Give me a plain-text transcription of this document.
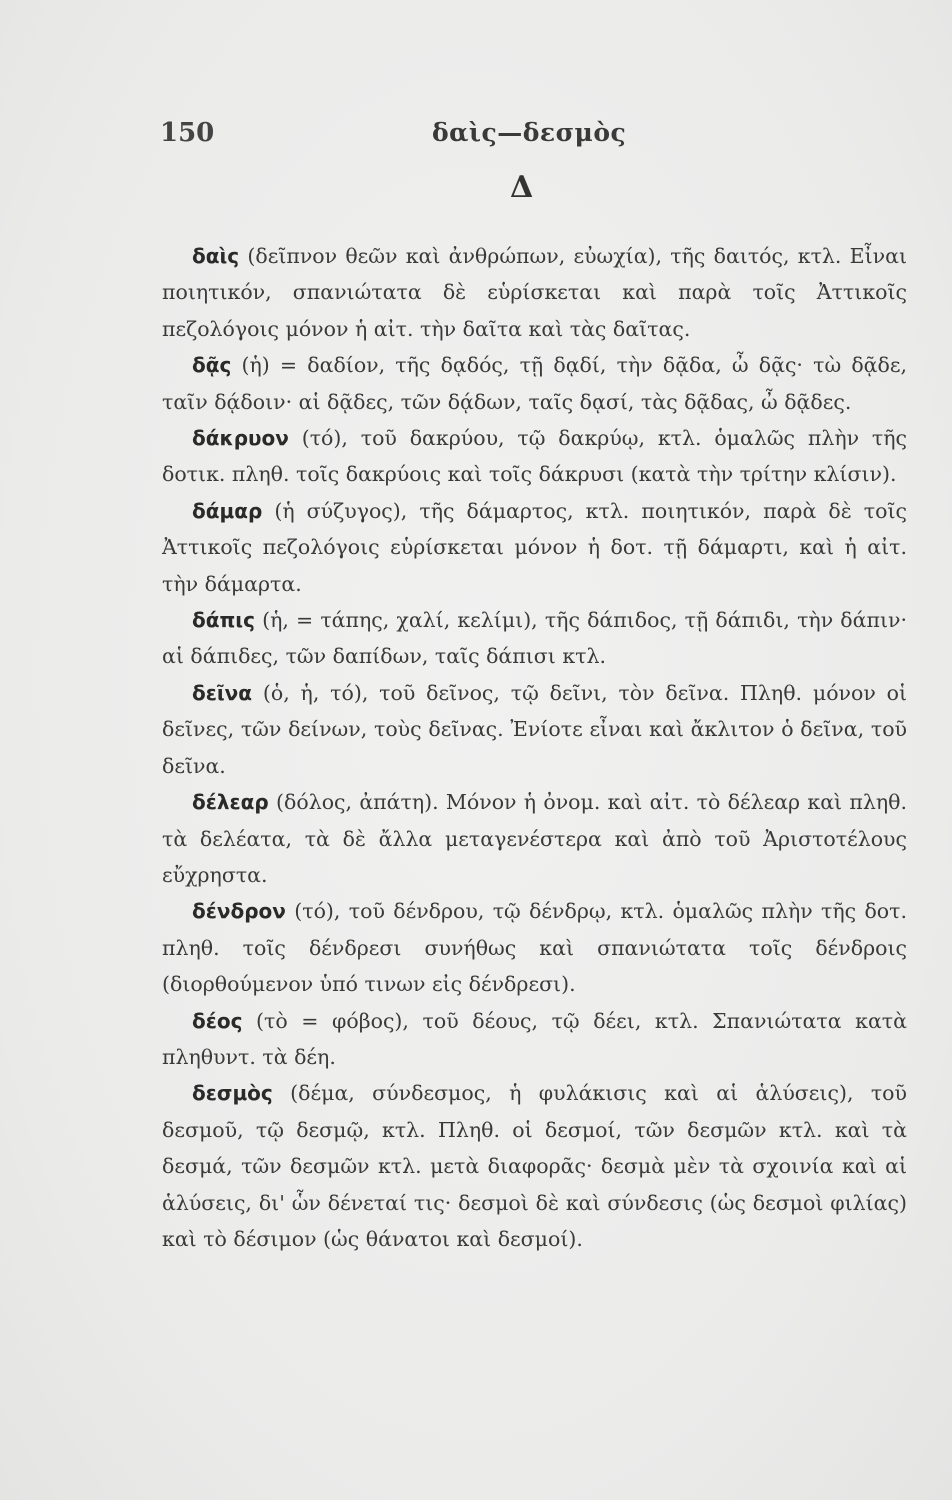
150	δαὶς—δεσμὸς
Δ

δαὶς (δεῖπνον θεῶν καὶ ἀνθρώπων, εὐωχία), τῆς δαιτός, κτλ. Εἶναι ποιητικόν, σπανιώτατα δὲ εὑρίσκεται καὶ παρὰ τοῖς Ἀττικοῖς πεζολόγοις μόνον ἡ αἰτ. τὴν δαῖτα καὶ τὰς δαῖτας.

δᾷς (ἡ) = δαδίον, τῆς δᾳδός, τῇ δᾳδί, τὴν δᾷδα, ὦ δᾷς· τὼ δᾷδε, ταῖν δᾴδοιν· αἱ δᾷδες, τῶν δᾴδων, ταῖς δᾳσί, τὰς δᾷδας, ὦ δᾷδες.

δάκρυον (τό), τοῦ δακρύου, τῷ δακρύῳ, κτλ. ὁμαλῶς πλὴν τῆς δοτικ. πληθ. τοῖς δακρύοις καὶ τοῖς δάκρυσι (κατὰ τὴν τρίτην κλίσιν).

δάμαρ (ἡ σύζυγος), τῆς δάμαρτος, κτλ. ποιητικόν, παρὰ δὲ τοῖς Ἀττικοῖς πεζολόγοις εὑρίσκεται μόνον ἡ δοτ. τῇ δάμαρτι, καὶ ἡ αἰτ. τὴν δάμαρτα.

δάπις (ἡ, = τάπης, χαλί, κελίμι), τῆς δάπιδος, τῇ δάπιδι, τὴν δάπιν· αἱ δάπιδες, τῶν δαπίδων, ταῖς δάπισι κτλ.

δεῖνα (ὁ, ἡ, τό), τοῦ δεῖνος, τῷ δεῖνι, τὸν δεῖνα. Πληθ. μόνον οἱ δεῖνες, τῶν δείνων, τοὺς δεῖνας. Ἐνίοτε εἶναι καὶ ἄκλιτον ὁ δεῖνα, τοῦ δεῖνα.

δέλεαρ (δόλος, ἀπάτη). Μόνον ἡ ὀνομ. καὶ αἰτ. τὸ δέλεαρ καὶ πληθ. τὰ δελέατα, τὰ δὲ ἄλλα μεταγενέστερα καὶ ἀπὸ τοῦ Ἀριστοτέλους εὔχρηστα.

δένδρον (τό), τοῦ δένδρου, τῷ δένδρῳ, κτλ. ὁμαλῶς πλὴν τῆς δοτ. πληθ. τοῖς δένδρεσι συνήθως καὶ σπανιώτατα τοῖς δένδροις (διορθούμενον ὑπό τινων εἰς δένδρεσι).

δέος (τὸ = φόβος), τοῦ δέους, τῷ δέει, κτλ. Σπανιώτατα κατὰ πληθυντ. τὰ δέη.

δεσμὸς (δέμα, σύνδεσμος, ἡ φυλάκισις καὶ αἱ ἁλύσεις), τοῦ δεσμοῦ, τῷ δεσμῷ, κτλ. Πληθ. οἱ δεσμοί, τῶν δεσμῶν κτλ. καὶ τὰ δεσμά, τῶν δεσμῶν κτλ. μετὰ διαφορᾶς· δεσμὰ μὲν τὰ σχοινία καὶ αἱ ἁλύσεις, δι' ὧν δένεταί τις· δεσμοὶ δὲ καὶ σύνδεσις (ὡς δεσμοὶ φιλίας) καὶ τὸ δέσιμον (ὡς θάνατοι καὶ δεσμοί).
